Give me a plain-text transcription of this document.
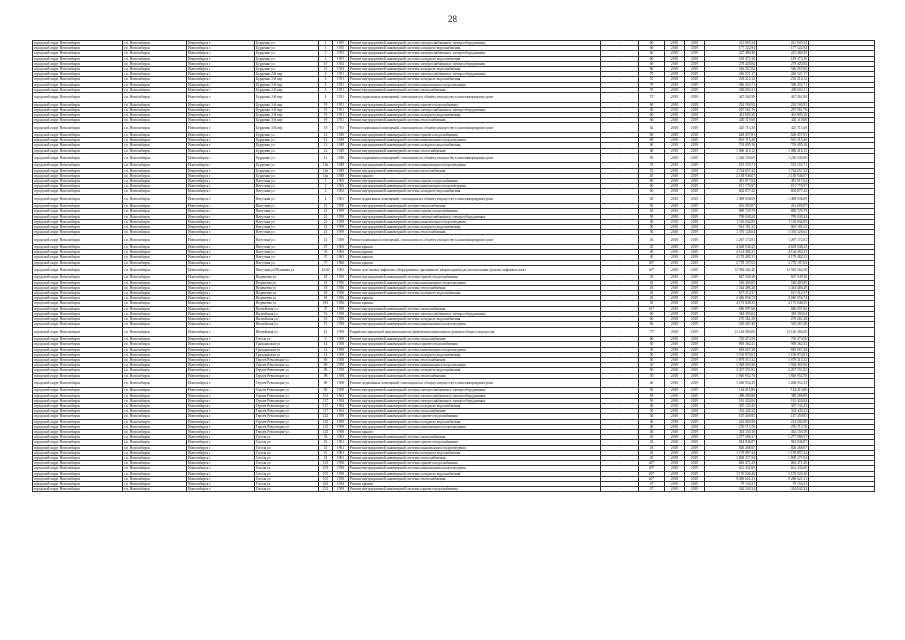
28
городской округ Новосибирск	г.п. Новосибирск	Новосибирск г	Бурденко ул	1	1955	Ремонт внутридомовой инженерной системы электроснабжения и электрооборудования	-	60	2018	2019	221 005,34	221 005,34	
городской округ Новосибирск	г.п. Новосибирск	Новосибирск г	Бурденко ул	1	1955	Ремонт внутридомовой инженерной системы холодного водоснабжения	-	60	2018	2019	177 322,94	177 322,94	
городской округ Новосибирск	г.п. Новосибирск	Новосибирск г	Бурденко ул	3	1955	Ремонт внутридомовой инженерной системы электроснабжения и электрооборудования	-	60	2018	2019	227 480,40	227 480,40	
городской округ Новосибирск	г.п. Новосибирск	Новосибирск г	Бурденко ул	3	1955	Ремонт внутридомовой инженерной системы холодного водоснабжения	-	60	2018	2019	183 473,10	183 473,10	
городской округ Новосибирск	г.п. Новосибирск	Новосибирск г	Бурденко ул	15	1954	Ремонт внутридомовой инженерной системы электроснабжения и электрооборудования	-	60	2018	2019	279 420,84	279 420,84	
городской округ Новосибирск	г.п. Новосибирск	Новосибирск г	Бурденко ул	15	1954	Ремонт внутридомовой инженерной системы холодного водоснабжения	-	60	2018	2019	546 267,82	546 267,82	
городской округ Новосибирск	г.п. Новосибирск	Новосибирск г	Бурденко 2-й пер	4	1951	Ремонт внутридомовой инженерной системы электроснабжения и электрооборудования	-	70	2018	2019	246 521,17	246 521,17	
городской округ Новосибирск	г.п. Новосибирск	Новосибирск г	Бурденко 2-й пер	4	1951	Ремонт внутридомовой инженерной системы холодного водоснабжения	-	70	2018	2019	218 212,12	218 212,12	
городской округ Новосибирск	г.п. Новосибирск	Новосибирск г	Бурденко 2-й пер	4	1951	Ремонт внутридомовой инженерной системы канализации и водоотведения	-	70	2018	2019	586 452,71	586 452,71	
городской округ Новосибирск	г.п. Новосибирск	Новосибирск г	Бурденко 2-й пер	4	1951	Ремонт внутридомовой инженерной системы теплоснабжения	-	70	2018	2019	449 602,11	449 602,11	
городской округ Новосибирск	г.п. Новосибирск	Новосибирск г	Бурденко 2-й пер	4	1951	Ремонт подвальных помещений, относящихся к общему имуществу в многоквартирном доме	-	57	2018	2019	447 262,90	447 262,90	
городской округ Новосибирск	г.п. Новосибирск	Новосибирск г	Бурденко 3-й пер	19	1951	Ремонт внутридомовой инженерной системы горячего водоснабжения	-	60	2018	2018	234 594,92	234 594,92	
городской округ Новосибирск	г.п. Новосибирск	Новосибирск г	Бурденко 3-й пер	19	1951	Ремонт внутридомовой инженерной системы электроснабжения и электрооборудования	-	60	2018	2019	207 561,76	207 561,76	
городской округ Новосибирск	г.п. Новосибирск	Новосибирск г	Бурденко 3-й пер	19	1951	Ремонт внутридомовой инженерной системы холодного водоснабжения	-	60	2018	2019	461 805,36	461 805,36	
городской округ Новосибирск	г.п. Новосибирск	Новосибирск г	Бурденко 3-й пер	19	1951	Ремонт внутридомовой инженерной системы теплоснабжения	-	60	2018	2019	420 119,68	420 119,68	
городской округ Новосибирск	г.п. Новосибирск	Новосибирск г	Бурденко 3-й пер	19	1951	Ремонт подвальных помещений, относящихся к общему имуществу в многоквартирном доме	-	62	2018	2019	425 713,30	425 713,30	
городской округ Новосибирск	г.п. Новосибирск	Новосибирск г	Бурденко ул	12	1949	Ремонт внутридомовой инженерной системы горячего водоснабжения	-	60	2018	2018	628 457,81	628 457,81	
городской округ Новосибирск	г.п. Новосибирск	Новосибирск г	Бурденко ул	12	1949	Ремонт внутридомовой инженерной системы канализации и водоотведения	-	60	2018	2019	819 115,26	819 115,26	
городской округ Новосибирск	г.п. Новосибирск	Новосибирск г	Бурденко ул	12	1949	Ремонт внутридомовой инженерной системы холодного водоснабжения	-	60	2018	2019	703 495,16	703 495,16	
городской округ Новосибирск	г.п. Новосибирск	Новосибирск г	Бурденко ул	12	1949	Ремонт внутридомовой инженерной системы теплоснабжения	-	60	2018	2019	1 086 416,12	1 086 416,12	
городской округ Новосибирск	г.п. Новосибирск	Новосибирск г	Бурденко ул	12	1949	Ремонт подвальных помещений, относящихся к общему имуществу в многоквартирном доме	-	50	2018	2019	1 230 545,69	1 230 545,69	
городской округ Новосибирск	г.п. Новосибирск	Новосибирск г	Бурденко ул	16а	1949	Ремонт внутридомовой инженерной системы канализации и водоотведения	-	55	2018	2019	515 153,71	515 153,71	
городской округ Новосибирск	г.п. Новосибирск	Новосибирск г	Бурденко ул	16а	1949	Ремонт внутридомовой инженерной системы теплоснабжения	-	55	2018	2019	1 724 657,42	1 724 657,42	
городской округ Новосибирск	г.п. Новосибирск	Новосибирск г	Бурденко ул	16а	1949	Ремонт крыши	-	45	2018	2019	2 138 946,07	2 138 946,07	
городской округ Новосибирск	г.п. Новосибирск	Новосибирск г	Ватутина ул	2	1963	Ремонт внутридомовой инженерной системы горячего водоснабжения	-	60	2018	2019	491 917,64	491 917,64	
городской округ Новосибирск	г.п. Новосибирск	Новосибирск г	Ватутина ул	2	1963	Ремонт внутридомовой инженерной системы канализации и водоотведения	-	60	2018	2019	671 776,97	671 776,97	
городской округ Новосибирск	г.п. Новосибирск	Новосибирск г	Ватутина ул	2	1963	Ремонт внутридомовой инженерной системы холодного водоснабжения	-	60	2018	2019	602 877,42	602 877,42	
городской округ Новосибирск	г.п. Новосибирск	Новосибирск г	Ватутина ул	4	1961	Ремонт подвальных помещений, относящихся к общему имуществу в многоквартирном доме	-	45	2018	2019	1 489 036,69	1 489 036,69	
городской округ Новосибирск	г.п. Новосибирск	Новосибирск г	Ватутина ул	21	1959	Ремонт внутридомовой инженерной системы теплоснабжения	-	50	2018	2019	261 083,87	261 083,87	
городской округ Новосибирск	г.п. Новосибирск	Новосибирск г	Ватутина ул	21	1959	Ремонт внутридомовой инженерной системы горячего водоснабжения	-	50	2018	2019	890 729,79	890 729,79	
городской округ Новосибирск	г.п. Новосибирск	Новосибирск г	Ватутина ул	21	1959	Ремонт внутридомовой инженерной системы электроснабжения и электрооборудования	-	50	2018	2019	799 049,24	799 049,24	
городской округ Новосибирск	г.п. Новосибирск	Новосибирск г	Ватутина ул	21	1959	Ремонт внутридомовой инженерной системы канализации и водоотведения	-	50	2018	2019	1 116 942,85	1 116 942,85	
городской округ Новосибирск	г.п. Новосибирск	Новосибирск г	Ватутина ул	21	1959	Ремонт внутридомовой инженерной системы холодного водоснабжения	-	50	2018	2019	961 181,52	961 181,52	
городской округ Новосибирск	г.п. Новосибирск	Новосибирск г	Ватутина ул	21	1959	Ремонт внутридомовой инженерной системы теплоснабжения	-	50	2018	2019	1 376 126,64	1 376 126,64	
городской округ Новосибирск	г.п. Новосибирск	Новосибирск г	Ватутина ул	21	1959	Ремонт подвальных помещений, относящихся к общему имуществу в многоквартирном доме	-	45	2018	2019	1 267 172,81	1 267 172,81	
городской округ Новосибирск	г.п. Новосибирск	Новосибирск г	Ватутина ул	27	1963	Ремонт крыши	-	45	2018	2019	4 628 948,23	4 628 948,23	
городской округ Новосибирск	г.п. Новосибирск	Новосибирск г	Ватутина ул	33	1963	Ремонт крыши	-	40	2018	2019	4 124 482,31	4 124 482,31	
городской округ Новосибирск	г.п. Новосибирск	Новосибирск г	Ватутина ул	37	1963	Ремонт крыши	-	40	2018	2019	4 170 482,31	4 170 482,31	
городской округ Новосибирск	г.п. Новосибирск	Новосибирск г	Ватутина ул	77	1960	Ремонт крыши	-	40*	2018	2019	2 778 197,63	2 778 197,63	
городской округ Новосибирск	г.п. Новосибирск	Новосибирск г	Ватутина ул/Пушкина ул	43/40	1962	Ремонт или замена лифтового оборудования, признанного непригодным для эксплуатации, ремонт лифтовых шахт	-	40*	2018	2019	12 582 262,20	12 582 262,20	
городской округ Новосибирск	г.п. Новосибирск	Новосибирск г	Веденеева ул	18	1956	Ремонт внутридомовой инженерной системы горячего водоснабжения	-	45	2018	2019	667 549,36	667 549,36	
городской округ Новосибирск	г.п. Новосибирск	Новосибирск г	Веденеева ул	18	1956	Ремонт внутридомовой инженерной системы канализации и водоотведения	-	45	2018	2019	520 495,85	520 495,85	
городской округ Новосибирск	г.п. Новосибирск	Новосибирск г	Веденеева ул	18	1956	Ремонт внутридомовой инженерной системы теплоснабжения	-	45	2018	2019	1 344 486,20	1 344 486,20	
городской округ Новосибирск	г.п. Новосибирск	Новосибирск г	Веденеева ул	18	1956	Ремонт внутридомовой инженерной системы холодного водоснабжения	-	45	2018	2019	617 212,37	617 212,37	
городской округ Новосибирск	г.п. Новосибирск	Новосибирск г	Веденеева ул	18	1956	Ремонт крыши	-	45	2018	2019	4 046 056,74	4 046 056,74	
городской округ Новосибирск	г.п. Новосибирск	Новосибирск г	Веденеева ул	19/1	1956	Ремонт крыши	-	45	2018	2019	4 175 848,35	4 175 848,35	
городской округ Новосибирск	г.п. Новосибирск	Новосибирск г	Вилюйская ул	37	1958	Ремонт внутридомовой инженерной системы теплоснабжения	-	61*	2018	2019	686 997,66	686 997,66	
городской округ Новосибирск	г.п. Новосибирск	Новосибирск г	Вилюйская ул	51	1958	Ремонт внутридомовой инженерной системы электроснабжения и электрооборудования	-	60	2018	2019	384 393,04	384 393,04	
городской округ Новосибирск	г.п. Новосибирск	Новосибирск г	Вилюйская ул	51	1958	Ремонт внутридомовой инженерной системы холодного водоснабжения	-	60	2018	2019	270 261,28	270 261,28	
городской округ Новосибирск	г.п. Новосибирск	Новосибирск г	Вилюйская ул	51	1958	Ремонт внутридомовой инженерной системы канализации и водоотведения	-	60	2018	2019	529 267,40	529 267,40	
городской округ Новосибирск	г.п. Новосибирск	Новосибирск г	Вилюйская ул	61	1958	Разработка проектной документации на проведение капитального ремонта общего имущества	-	77	2018	2019	12 146 494,00	12 146 494,00	
городской округ Новосибирск	г.п. Новосибирск	Новосибирск г	Гоголя ул	9	1958	Ремонт внутридомовой инженерной системы теплоснабжения	-	60	2018	2019	765 473,56	765 473,56	
городской округ Новосибирск	г.п. Новосибирск	Новосибирск г	Гражданская ул	14	1958	Ремонт внутридомовой инженерной системы горячего водоснабжения	-	50	2018	2019	969 362,41	969 362,41	
городской округ Новосибирск	г.п. Новосибирск	Новосибирск г	Гражданская ул	14	1958	Ремонт внутридомовой инженерной системы канализации и водоотведения	-	50	2018	2019	849 667,28	849 667,28	
городской округ Новосибирск	г.п. Новосибирск	Новосибирск г	Гражданская ул	14	1958	Ремонт внутридомовой инженерной системы холодного водоснабжения	-	50	2018	2019	1 150 874,81	1 150 874,81	
городской округ Новосибирск	г.п. Новосибирск	Новосибирск г	Героев Революции ул	69	1958	Ремонт внутридомовой инженерной системы теплоснабжения	-	50	2018	2019	1 079 315,32	1 079 315,32	
городской округ Новосибирск	г.п. Новосибирск	Новосибирск г	Героев Революции ул	69	1958	Ремонт внутридомовой инженерной системы канализации и водоотведения	-	50	2018	2019	1 928 492,90	1 928 492,90	
городской округ Новосибирск	г.п. Новосибирск	Новосибирск г	Героев Революции ул	69	1958	Ремонт внутридомовой инженерной системы холодного водоснабжения	-	50	2018	2019	2 207 551,82	2 207 551,82	
городской округ Новосибирск	г.п. Новосибирск	Новосибирск г	Героев Революции ул	69	1958	Ремонт внутридомовой инженерной системы теплоснабжения	-	50	2018	2019	1 940 952,79	1 940 952,79	
городской округ Новосибирск	г.п. Новосибирск	Новосибирск г	Героев Революции ул	69	1958	Ремонт подвальных помещений, относящихся к общему имуществу в многоквартирном доме	-	40	2018	2019	1 260 952,35	1 260 952,35	
городской округ Новосибирск	г.п. Новосибирск	Новосибирск г	Героев Революции ул	69	1958	Ремонт внутридомовой инженерной системы электроснабжения и электрооборудования	-	50	2018	2019	144 415,86	144 415,86	
городской округ Новосибирск	г.п. Новосибирск	Новосибирск г	Героев Революции ул	101	1962	Ремонт внутридомовой инженерной системы электроснабжения и электрооборудования	-	50	2018	2019	389 280,80	389 280,80	
городской округ Новосибирск	г.п. Новосибирск	Новосибирск г	Героев Революции ул	117	1954	Ремонт внутридомовой инженерной системы электроснабжения и электрооборудования	-	50	2018	2019	181 424,84	181 424,84	
городской округ Новосибирск	г.п. Новосибирск	Новосибирск г	Героев Революции ул	117	1954	Ремонт внутридомовой инженерной системы холодного водоснабжения	-	50	2018	2019	307 135,45	307 135,45	
городской округ Новосибирск	г.п. Новосибирск	Новосибирск г	Героев Революции ул	117	1954	Ремонт внутридомовой инженерной системы теплоснабжения	-	50	2018	2019	333 445,22	333 445,22	
городской округ Новосибирск	г.п. Новосибирск	Новосибирск г	Героев Революции ул	125	1959	Ремонт внутридомовой инженерной системы горячего водоснабжения	-	40	2018	2019	147 459,85	147 459,85	
городской округ Новосибирск	г.п. Новосибирск	Новосибирск г	Героев Революции ул	125	1959	Ремонт внутридомовой инженерной системы холодного водоснабжения	-	40	2018	2019	214 002,90	214 002,90	
городской округ Новосибирск	г.п. Новосибирск	Новосибирск г	Героев Революции ул	125	1959	Ремонт внутридомовой инженерной системы канализации и водоотведения	-	40	2018	2019	276 713,76	276 713,76	
городской округ Новосибирск	г.п. Новосибирск	Новосибирск г	Героев Революции ул	125	1959	Ремонт крыши	-	40	2018	2019	434 150,18	434 150,18	
городской округ Новосибирск	г.п. Новосибирск	Новосибирск г	Гоголя ул	32	1962	Ремонт внутридомовой инженерной системы теплоснабжения	-	45	2018	2019	1 277 586,37	1 277 586,37	
городской округ Новосибирск	г.п. Новосибирск	Новосибирск г	Гоголя ул	41	1961	Ремонт внутридомовой инженерной системы горячего водоснабжения	-	45	2018	2019	944 946,87	944 946,87	
городской округ Новосибирск	г.п. Новосибирск	Новосибирск г	Гоголя ул	41	1961	Ремонт внутридомовой инженерной системы канализации и водоотведения	-	45	2018	2019	826 268,87	826 268,87	
городской округ Новосибирск	г.п. Новосибирск	Новосибирск г	Гоголя ул	41	1961	Ремонт внутридомовой инженерной системы холодного водоснабжения	-	45	2018	2019	1 178 897,44	1 178 897,44	
городской округ Новосибирск	г.п. Новосибирск	Новосибирск г	Гоголя ул	41	1961	Ремонт внутридомовой инженерной системы теплоснабжения	-	45	2018	2019	1 868 271,94	1 868 271,94	
городской округ Новосибирск	г.п. Новосибирск	Новосибирск г	Гоголя ул	101	1958	Ремонт внутридомовой инженерной системы горячего водоснабжения	-	40*	2018	2019	863 471,29	863 471,29	
городской округ Новосибирск	г.п. Новосибирск	Новосибирск г	Гоголя ул	101	1958	Ремонт внутридомовой инженерной системы канализации и водоотведения	-	40*	2018	2019	621 432,60	621 432,60	
городской округ Новосибирск	г.п. Новосибирск	Новосибирск г	Гоголя ул	101	1958	Ремонт внутридомовой инженерной системы холодного водоснабжения	-	40*	2018	2019	1 176 526,40	1 176 526,40	
городской округ Новосибирск	г.п. Новосибирск	Новосибирск г	Гоголя ул	101	1958	Ремонт внутридомовой инженерной системы теплоснабжения	-	40*	2018	2019	9 280 621,21	9 280 621,21	
городской округ Новосибирск	г.п. Новосибирск	Новосибирск г	Гоголя ул	224	1954	Ремонт крыши	-	47	2018	2019	79 154,21	79 154,21	
городской округ Новосибирск	г.п. Новосибирск	Новосибирск г	Гоголя ул	231	1959	Ремонт внутридомовой инженерной системы горячего водоснабжения	-	47	2018	2019	244 942,34	244 942,34	
